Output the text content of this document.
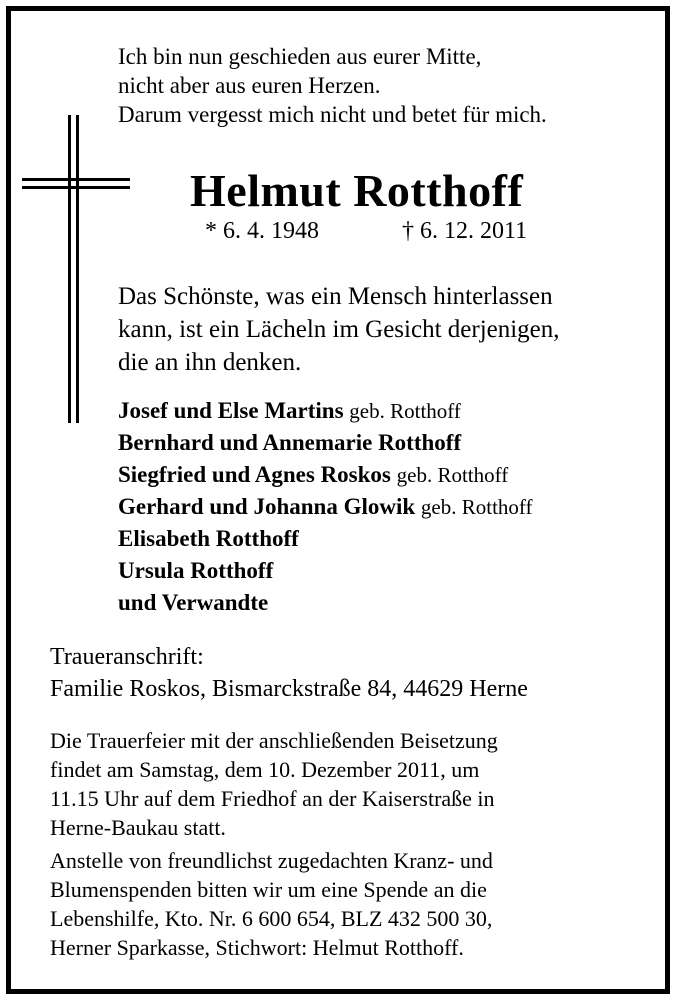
Ich bin nun geschieden aus eurer Mitte,

nicht aber aus euren Herzen.

Darum vergesst mich nicht und betet für mich.

Helmut Rotthoff

* 6. 4. 1948	† 6. 12. 2011

Das Schönste, was ein Mensch hinterlassen

kann, ist ein Lächeln im Gesicht derjenigen,

die an ihn denken.

Josef und Else Martins geb. Rotthoff

Bernhard und Annemarie Rotthoff

Siegfried und Agnes Roskos geb. Rotthoff

Gerhard und Johanna Glowik geb. Rotthoff

Elisabeth Rotthoff

Ursula Rotthoff

und Verwandte

Traueranschrift:

Familie Roskos, Bismarckstraße 84, 44629 Herne

Die Trauerfeier mit der anschließenden Beisetzung

findet am Samstag, dem 10. Dezember 2011, um

11.15 Uhr auf dem Friedhof an der Kaiserstraße in

Herne-Baukau statt.

Anstelle von freundlichst zugedachten Kranz- und

Blumenspenden bitten wir um eine Spende an die

Lebenshilfe, Kto. Nr. 6 600 654, BLZ 432 500 30,

Herner Sparkasse, Stichwort: Helmut Rotthoff.
